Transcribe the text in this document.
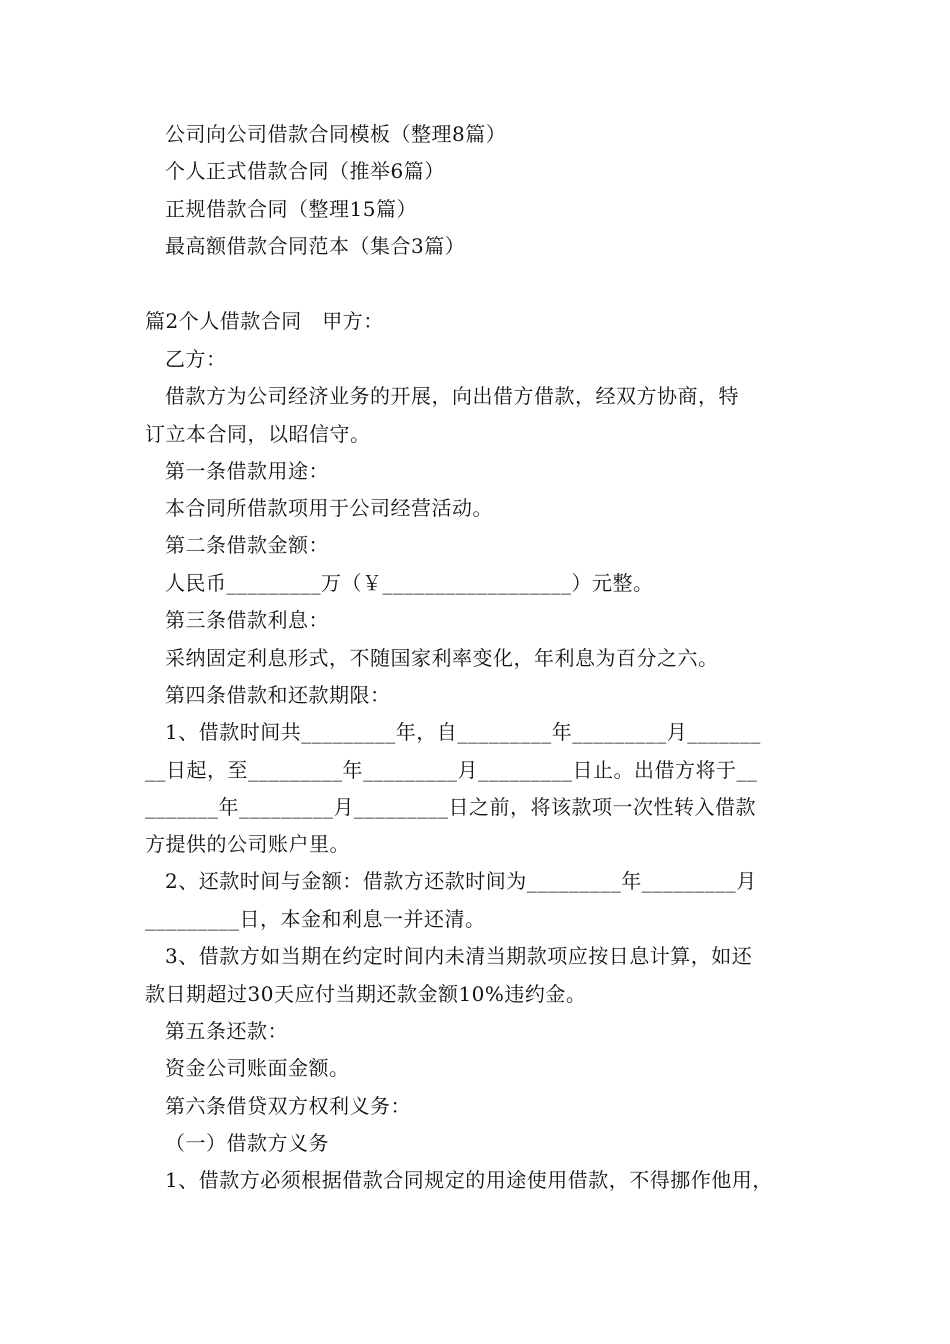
公司向公司借款合同模板（整理8篇）
个人正式借款合同（推举6篇）
正规借款合同（整理15篇）
最高额借款合同范本（集合3篇）
篇2个人借款合同　甲方：
乙方：
借款方为公司经济业务的开展，向出借方借款，经双方协商，特
订立本合同，以昭信守。
第一条借款用途：
本合同所借款项用于公司经营活动。
第二条借款金额：
人民币_________万（￥__________________）元整。
第三条借款利息：
采纳固定利息形式，不随国家利率变化，年利息为百分之六。
第四条借款和还款期限：
1、借款时间共_________年，自_________年_________月_______
__日起，至_________年_________月_________日止。出借方将于__
_______年_________月_________日之前，将该款项一次性转入借款
方提供的公司账户里。
2、还款时间与金额：借款方还款时间为_________年_________月
_________日，本金和利息一并还清。
3、借款方如当期在约定时间内未清当期款项应按日息计算，如还
款日期超过30天应付当期还款金额10%违约金。
第五条还款：
资金公司账面金额。
第六条借贷双方权利义务：
（一）借款方义务
1、借款方必须根据借款合同规定的用途使用借款，不得挪作他用，
